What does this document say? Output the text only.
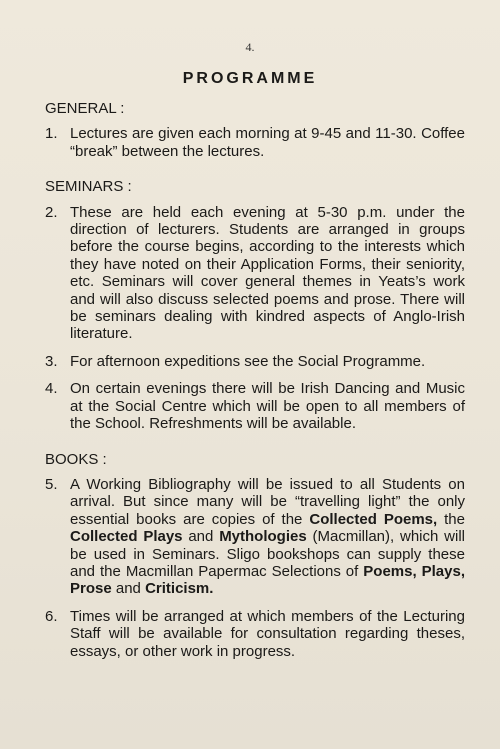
4.
PROGRAMME
GENERAL :
1. Lectures are given each morning at 9-45 and 11-30. Coffee “break” between the lectures.
SEMINARS :
2. These are held each evening at 5-30 p.m. under the direction of lecturers. Students are arranged in groups before the course begins, according to the interests which they have noted on their Application Forms, their seniority, etc. Seminars will cover general themes in Yeats’s work and will also discuss selected poems and prose. There will be seminars dealing with kindred aspects of Anglo-Irish literature.
3. For afternoon expeditions see the Social Programme.
4. On certain evenings there will be Irish Dancing and Music at the Social Centre which will be open to all members of the School. Refreshments will be available.
BOOKS :
5. A Working Bibliography will be issued to all Students on arrival. But since many will be “travelling light” the only essential books are copies of the Collected Poems, the Collected Plays and Mythologies (Macmillan), which will be used in Seminars. Sligo bookshops can supply these and the Macmillan Papermac Selections of Poems, Plays, Prose and Criticism.
6. Times will be arranged at which members of the Lecturing Staff will be available for consultation regarding theses, essays, or other work in progress.
